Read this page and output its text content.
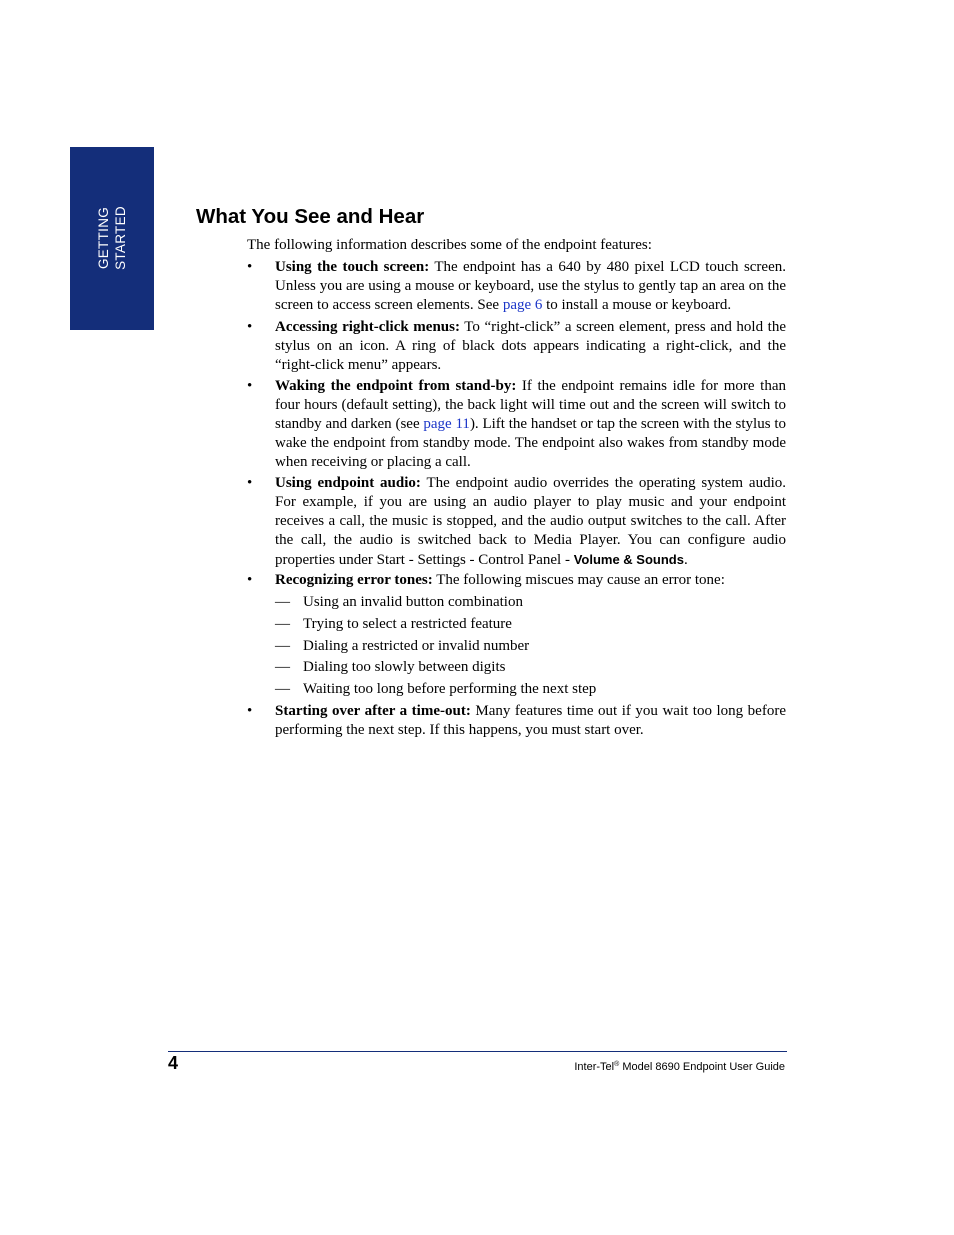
GETTING STARTED	What You See and Hear

The following information describes some of the endpoint features:

• Using the touch screen: The endpoint has a 640 by 480 pixel LCD touch screen. Unless you are using a mouse or keyboard, use the stylus to gently tap an area on the screen to access screen elements. See page 6 to install a mouse or keyboard.
• Accessing right-click menus: To “right-click” a screen element, press and hold the stylus on an icon. A ring of black dots appears indicating a right-click, and the “right-click menu” appears.
• Waking the endpoint from stand-by: If the endpoint remains idle for more than four hours (default setting), the back light will time out and the screen will switch to standby and darken (see page 11). Lift the handset or tap the screen with the stylus to wake the endpoint from standby mode. The endpoint also wakes from standby mode when receiving or placing a call.
• Using endpoint audio: The endpoint audio overrides the operating system audio. For example, if you are using an audio player to play music and your endpoint receives a call, the music is stopped, and the audio output switches to the call. After the call, the audio is switched back to Media Player. You can configure audio properties under Start - Settings - Control Panel - Volume & Sounds.
• Recognizing error tones: The following miscues may cause an error tone:
— Using an invalid button combination
— Trying to select a restricted feature
— Dialing a restricted or invalid number
— Dialing too slowly between digits
— Waiting too long before performing the next step
• Starting over after a time-out: Many features time out if you wait too long before performing the next step. If this happens, you must start over.
4	Inter-Tel® Model 8690 Endpoint User Guide
